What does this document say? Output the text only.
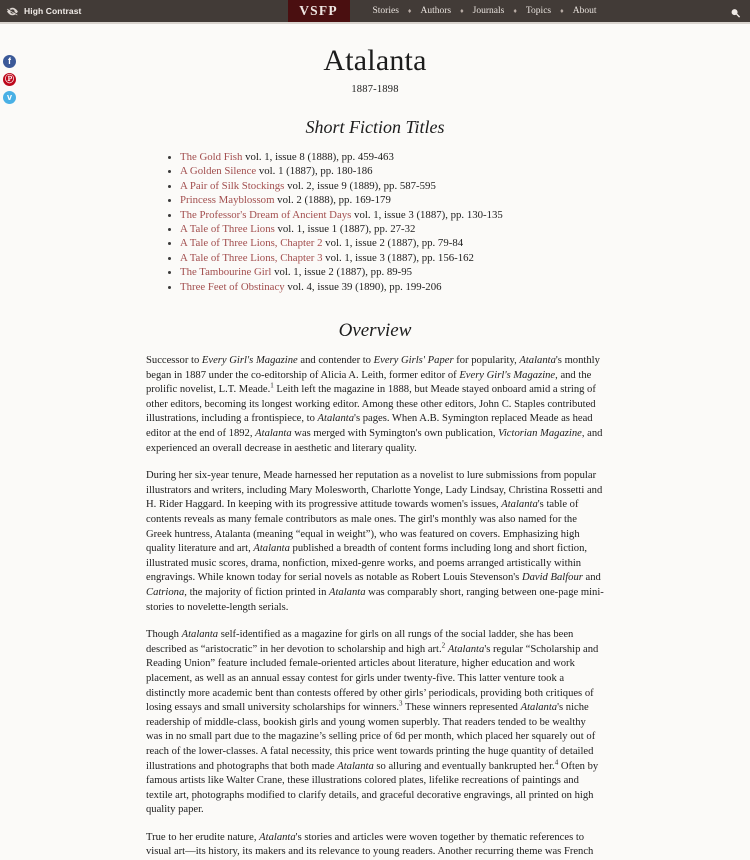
High Contrast	VSFP	Stories	♦ Authors	♦ Journals	♦ Topics	♦ About
f
Ⓟ
ᴠ
Atalanta
1887-1898
Short Fiction Titles
• The Gold Fish vol. 1, issue 8 (1888), pp. 459-463
• A Golden Silence vol. 1 (1887), pp. 180-186
• A Pair of Silk Stockings vol. 2, issue 9 (1889), pp. 587-595
• Princess Mayblossom vol. 2 (1888), pp. 169-179
• The Professor's Dream of Ancient Days vol. 1, issue 3 (1887), pp. 130-135
• A Tale of Three Lions vol. 1, issue 1 (1887), pp. 27-32
• A Tale of Three Lions, Chapter 2 vol. 1, issue 2 (1887), pp. 79-84
• A Tale of Three Lions, Chapter 3 vol. 1, issue 3 (1887), pp. 156-162
• The Tambourine Girl vol. 1, issue 2 (1887), pp. 89-95
• Three Feet of Obstinacy vol. 4, issue 39 (1890), pp. 199-206
Overview

Successor to Every Girl's Magazine and contender to Every Girls' Paper for popularity, Atalanta's monthly began in 1887 under the co-editorship of Alicia A. Leith, former editor of Every Girl's Magazine, and the prolific novelist, L.T. Meade.$^1$ Leith left the magazine in 1888, but Meade stayed onboard amid a string of other editors, becoming its longest working editor. Among these other editors, John C. Staples contributed illustrations, including a frontispiece, to Atalanta's pages. When A.B. Symington replaced Meade as head editor at the end of 1892, Atalanta was merged with Symington's own publication, Victorian Magazine, and experienced an overall decrease in aesthetic and literary quality.

During her six-year tenure, Meade harnessed her reputation as a novelist to lure submissions from popular illustrators and writers, including Mary Molesworth, Charlotte Yonge, Lady Lindsay, Christina Rossetti and H. Rider Haggard. In keeping with its progressive attitude towards women's issues, Atalanta's table of contents reveals as many female contributors as male ones. The girl's monthly was also named for the Greek huntress, Atalanta (meaning “equal in weight”), who was featured on covers. Emphasizing high quality literature and art, Atalanta published a breadth of content forms including long and short fiction, illustrated music scores, drama, nonfiction, mixed-genre works, and poems arranged artistically within engravings. While known today for serial novels as notable as Robert Louis Stevenson's David Balfour and Catriona, the majority of fiction printed in Atalanta was comparably short, ranging between one-page mini-stories to novelette-length serials.

Though Atalanta self-identified as a magazine for girls on all rungs of the social ladder, she has been described as “aristocratic” in her devotion to scholarship and high art.$^2$ Atalanta's regular “Scholarship and Reading Union” feature included female-oriented articles about literature, higher education and work placement, as well as an annual essay contest for girls under twenty-five. This latter venture took a distinctly more academic bent than contests offered by other girls’ periodicals, providing both critiques of losing essays and small university scholarships for winners.$^3$ These winners represented Atalanta's niche readership of middle-class, bookish girls and young women superbly. That readers tended to be wealthy was in no small part due to the magazine’s selling price of 6d per month, which placed her squarely out of reach of the lower-classes. A fatal necessity, this price went towards printing the huge quantity of detailed illustrations and photographs that both made Atalanta so alluring and eventually bankrupted her.$^4$ Often by famous artists like Walter Crane, these illustrations colored plates, lifelike recreations of paintings and textile art, photographs modified to clarify details, and graceful decorative engravings, all printed on high quality paper.

True to her erudite nature, Atalanta's stories and articles were woven together by thematic references to visual art—its history, its makers and its relevance to young readers. Another recurring theme was French
